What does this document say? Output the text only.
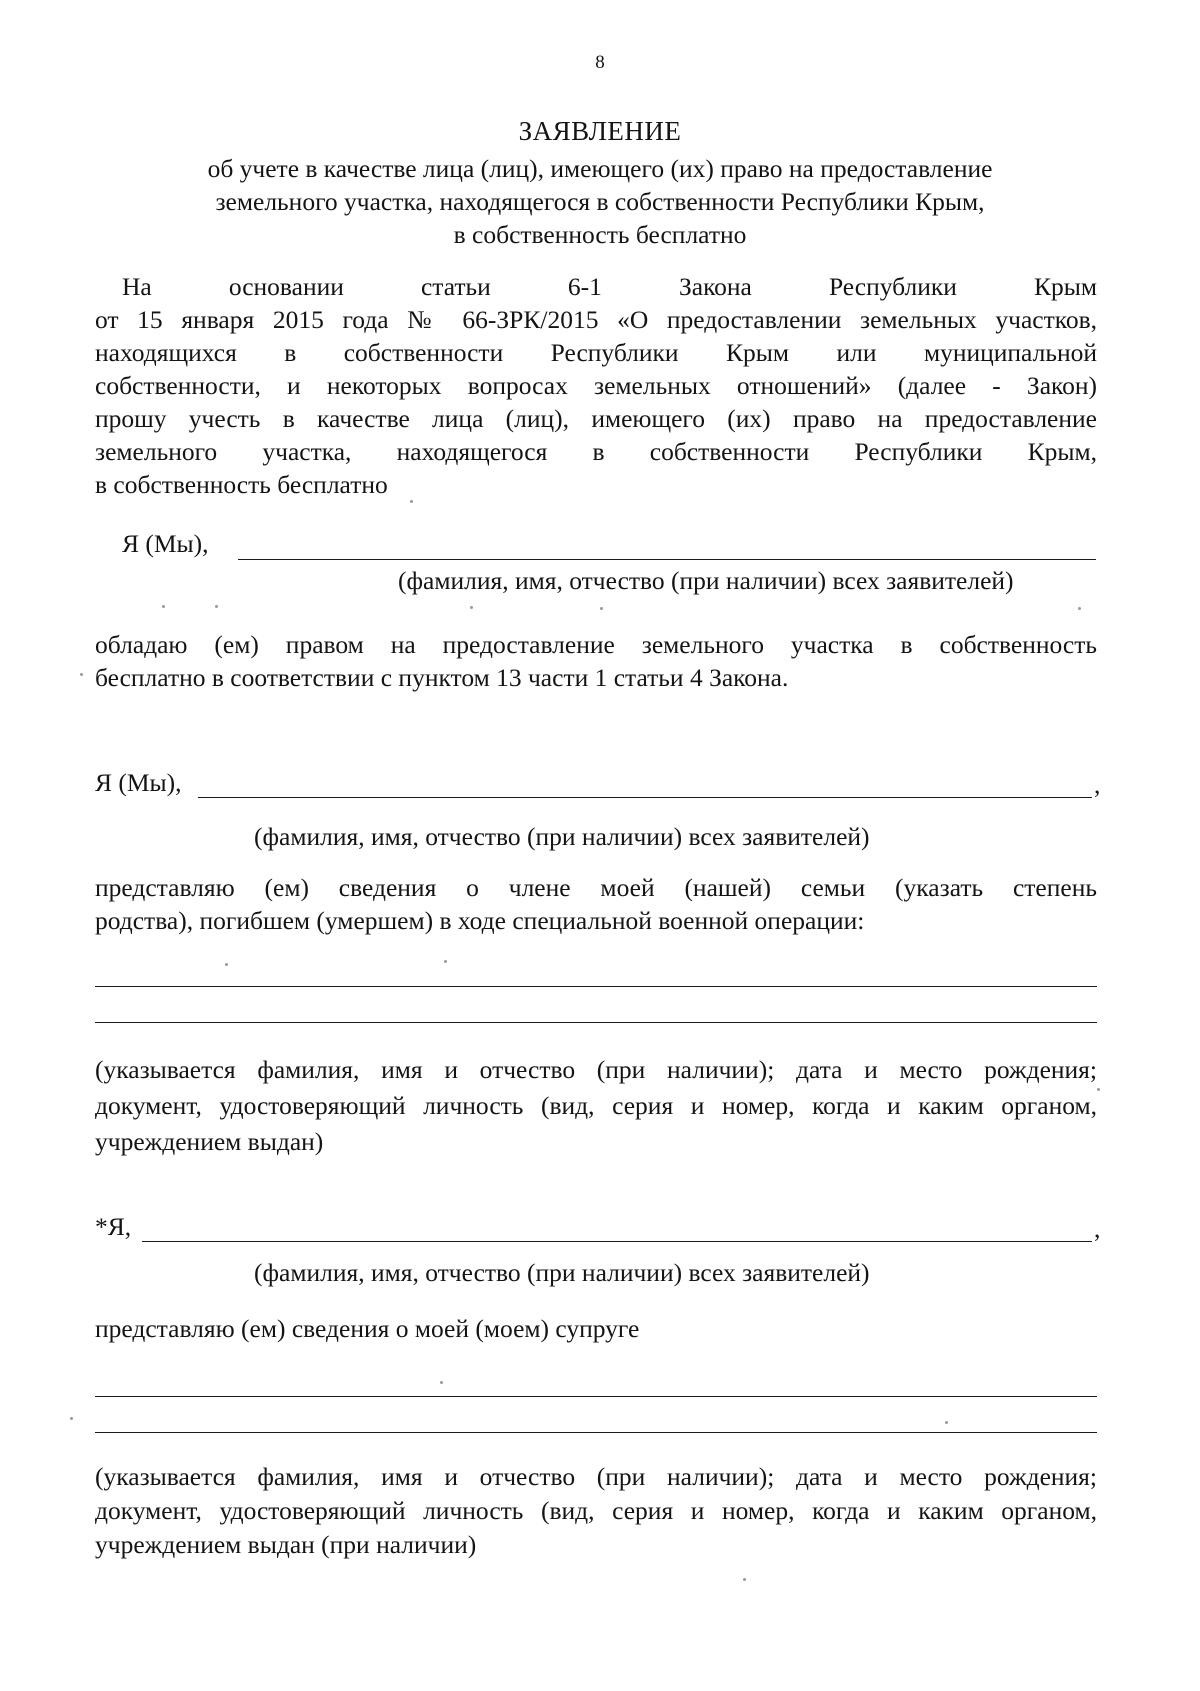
8
ЗАЯВЛЕНИЕ
об учете в качестве лица (лиц), имеющего (их) право на предоставление
земельного участка, находящегося в собственности Республики Крым,
в собственность бесплатно
На основании статьи 6-1 Закона Республики Крым
от 15 января 2015 года № 66-ЗРК/2015 «О предоставлении земельных участков,
находящихся в собственности Республики Крым или муниципальной
собственности, и некоторых вопросах земельных отношений» (далее - Закон)
прошу учесть в качестве лица (лиц), имеющего (их) право на предоставление
земельного участка, находящегося в собственности Республики Крым,
в собственность бесплатно
Я (Мы),
(фамилия, имя, отчество (при наличии) всех заявителей)
обладаю (ем) правом на предоставление земельного участка в собственность
бесплатно в соответствии с пунктом 13 части 1 статьи 4 Закона.
Я (Мы),	,
(фамилия, имя, отчество (при наличии) всех заявителей)
представляю (ем) сведения о члене моей (нашей) семьи (указать степень
родства), погибшем (умершем) в ходе специальной военной операции:
(указывается фамилия, имя и отчество (при наличии); дата и место рождения;
документ, удостоверяющий личность (вид, серия и номер, когда и каким органом,
учреждением выдан)
*Я,	,
(фамилия, имя, отчество (при наличии) всех заявителей)
представляю (ем) сведения о моей (моем) супруге
(указывается фамилия, имя и отчество (при наличии); дата и место рождения;
документ, удостоверяющий личность (вид, серия и номер, когда и каким органом,
учреждением выдан (при наличии)
